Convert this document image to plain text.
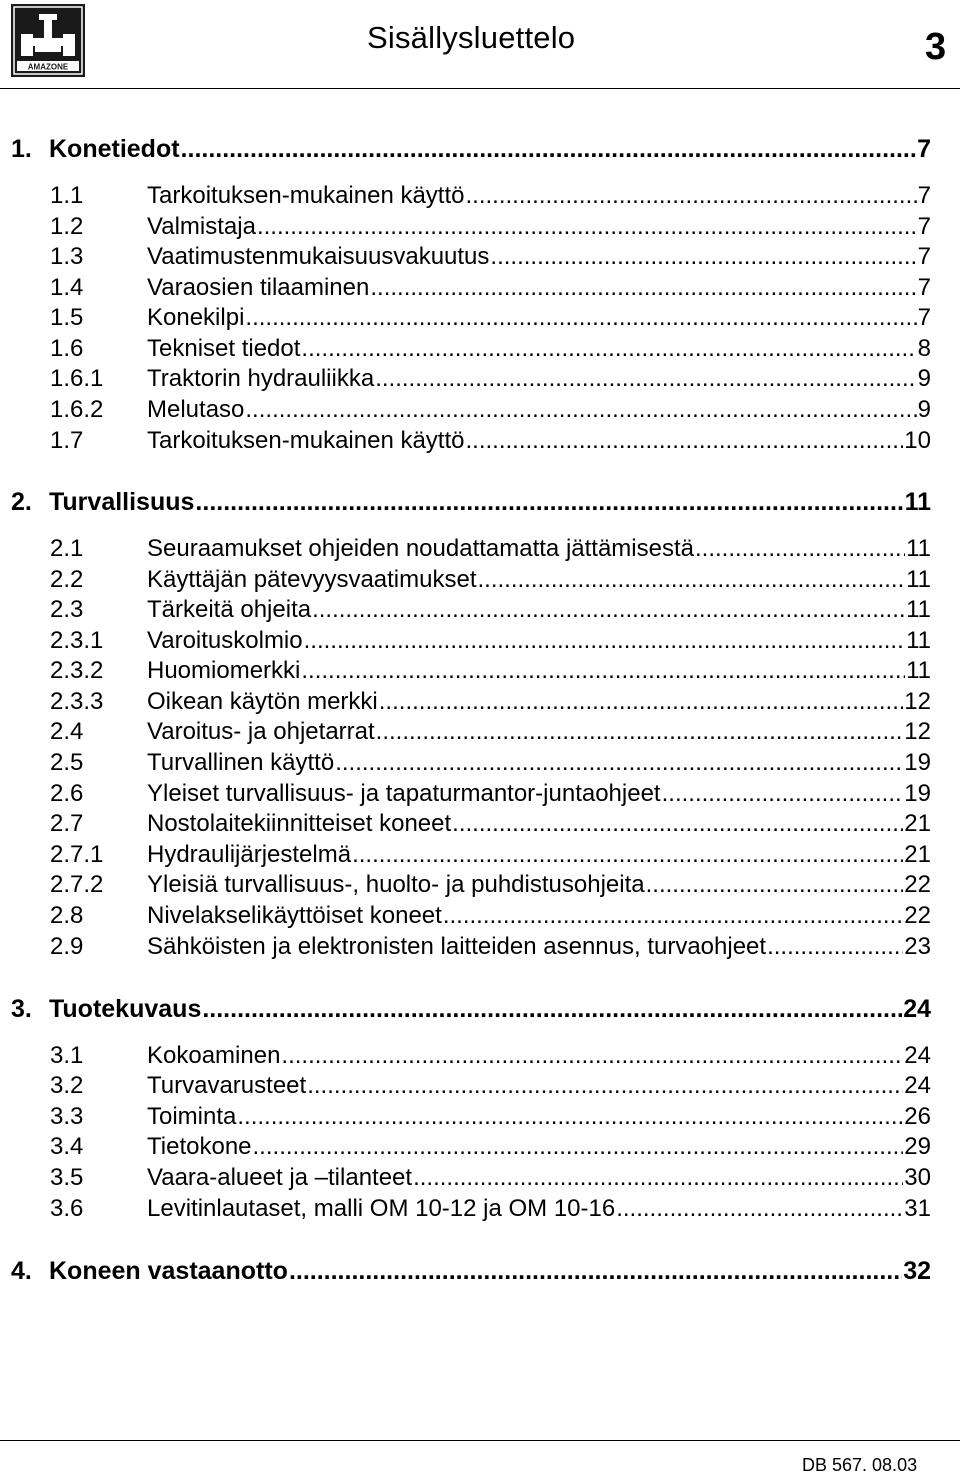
AMAZONE
Sisällysluettelo	3
1. Konetiedot .....	7
1.1	Tarkoituksen-mukainen käyttö .....	7
1.2	Valmistaja .....	7
1.3	Vaatimustenmukaisuusvakuutus .....	7
1.4	Varaosien tilaaminen .....	7
1.5	Konekilpi .....	7
1.6	Tekniset tiedot .....	8
1.6.1	Traktorin hydrauliikka .....	9
1.6.2	Melutaso .....	9
1.7	Tarkoituksen-mukainen käyttö .....	10
2. Turvallisuus .....	11
2.1	Seuraamukset ohjeiden noudattamatta jättämisestä .....	11
2.2	Käyttäjän pätevyysvaatimukset .....	11
2.3	Tärkeitä ohjeita .....	11
2.3.1	Varoituskolmio .....	11
2.3.2	Huomiomerkki .....	11
2.3.3	Oikean käytön merkki .....	12
2.4	Varoitus- ja ohjetarrat .....	12
2.5	Turvallinen käyttö .....	19
2.6	Yleiset turvallisuus- ja tapaturmantor-juntaohjeet .....	19
2.7	Nostolaitekiinnitteiset koneet .....	21
2.7.1	Hydraulijärjestelmä .....	21
2.7.2	Yleisiä turvallisuus-, huolto- ja puhdistusohjeita .....	22
2.8	Nivelakselikäyttöiset koneet .....	22
2.9	Sähköisten ja elektronisten laitteiden asennus, turvaohjeet .....	23
3. Tuotekuvaus .....	24
3.1	Kokoaminen .....	24
3.2	Turvavarusteet .....	24
3.3	Toiminta .....	26
3.4	Tietokone .....	29
3.5	Vaara-alueet ja –tilanteet .....	30
3.6	Levitinlautaset, malli OM 10-12 ja OM 10-16 .....	31
4. Koneen vastaanotto .....	32
DB 567. 08.03
